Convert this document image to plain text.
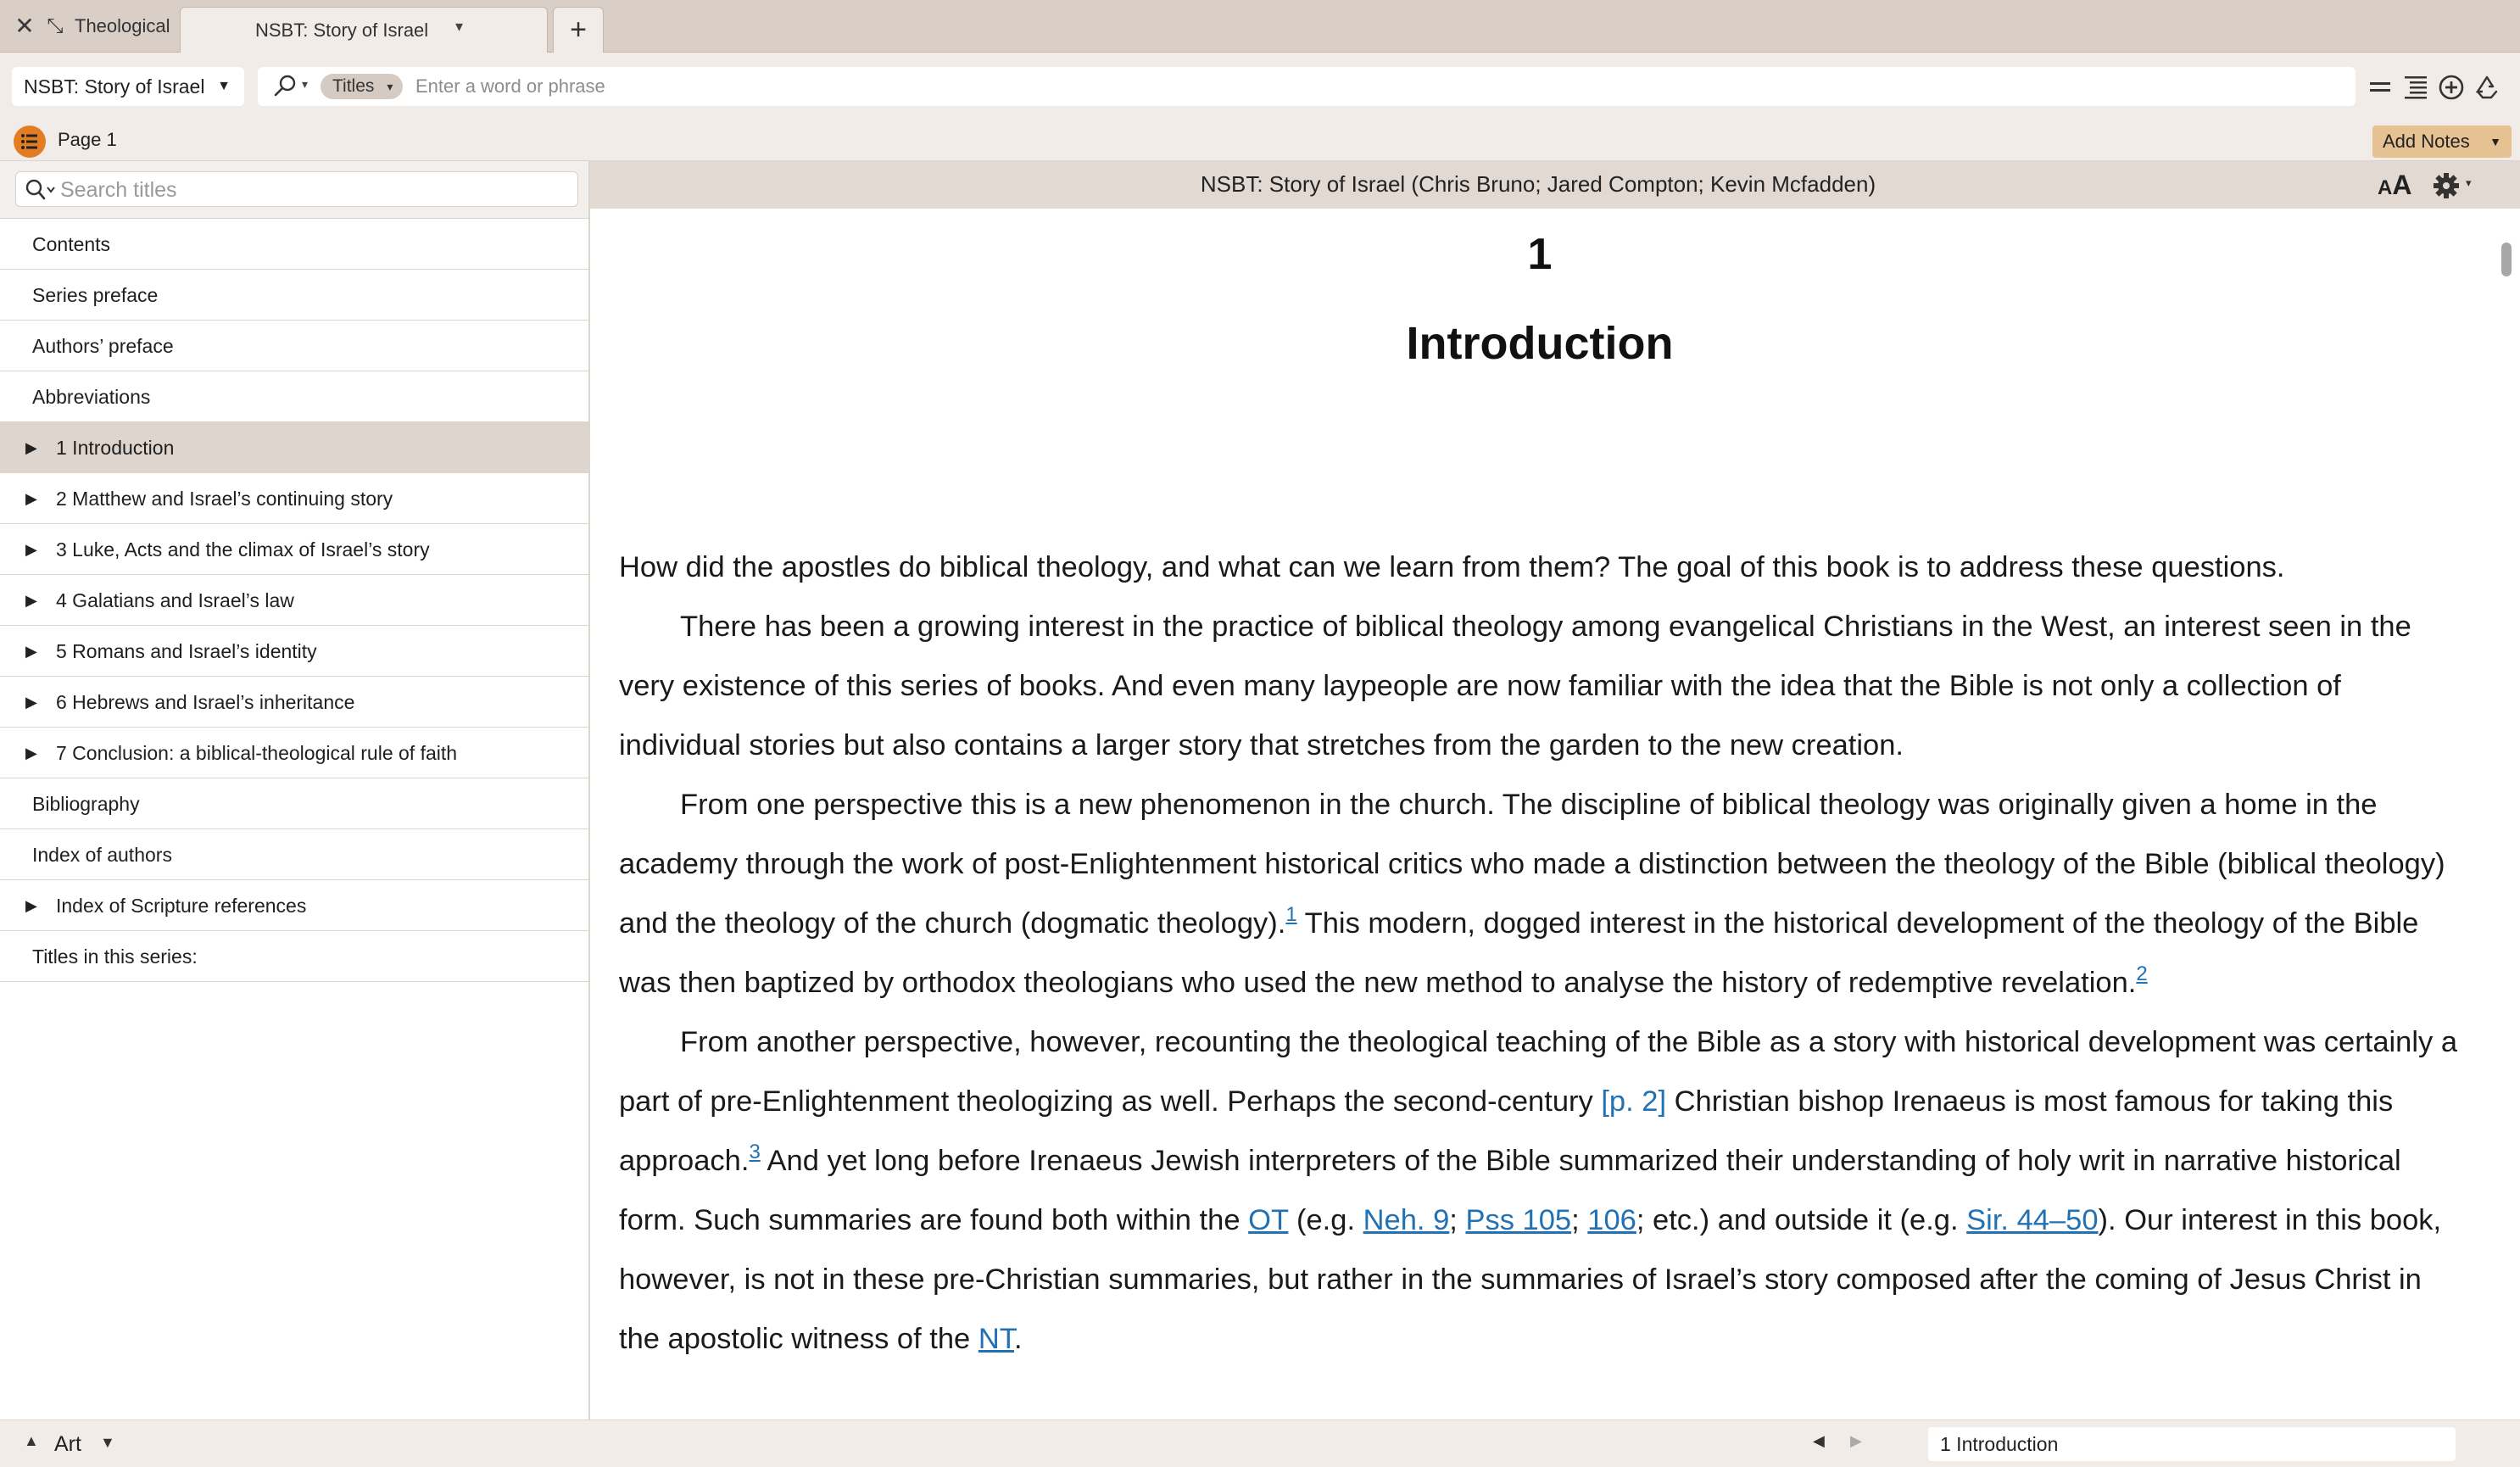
✕ ⤡ Theological	NSBT: Story of Israel ▾	+
NSBT: Story of Israel ▼	▾	Titles ▾
Enter a word or phrase
Page 1	Add Notes ▼
Search titles
Contents
Series preface
Authors’ preface
Abbreviations
▶ 1 Introduction
▶ 2 Matthew and Israel’s continuing story
▶ 3 Luke, Acts and the climax of Israel’s story
▶ 4 Galatians and Israel’s law
▶ 5 Romans and Israel’s identity
▶ 6 Hebrews and Israel’s inheritance
▶ 7 Conclusion: a biblical-theological rule of faith
Bibliography
Index of authors
▶ Index of Scripture references
Titles in this series:
NSBT: Story of Israel (Chris Bruno; Jared Compton; Kevin Mcfadden)	AA	▾
1
Introduction

How did the apostles do biblical theology, and what can we learn from them? The goal of this book is to address these questions.

There has been a growing interest in the practice of biblical theology among evangelical Christians in the West, an interest seen in the very existence of this series of books. And even many laypeople are now familiar with the idea that the Bible is not only a collection of individual stories but also contains a larger story that stretches from the garden to the new creation.

From one perspective this is a new phenomenon in the church. The discipline of biblical theology was originally given a home in the academy through the work of post-Enlightenment historical critics who made a distinction between the theology of the Bible (biblical theology) and the theology of the church (dogmatic theology).$^1$ This modern, dogged interest in the historical development of the theology of the Bible was then baptized by orthodox theologians who used the new method to analyse the history of redemptive revelation.$^2$

From another perspective, however, recounting the theological teaching of the Bible as a story with historical development was certainly a part of pre-Enlightenment theologizing as well. Perhaps the second-century [p. 2] Christian bishop Irenaeus is most famous for taking this approach.$^3$ And yet long before Irenaeus Jewish interpreters of the Bible summarized their understanding of holy writ in narrative historical form. Such summaries are found both within the OT (e.g. Neh. 9; Pss 105; 106; etc.) and outside it (e.g. Sir. 44–50). Our interest in this book, however, is not in these pre-Christian summaries, but rather in the summaries of Israel’s story composed after the coming of Jesus Christ in the apostolic witness of the NT.

▲ Art ▼	◀ ▶	1 Introduction
